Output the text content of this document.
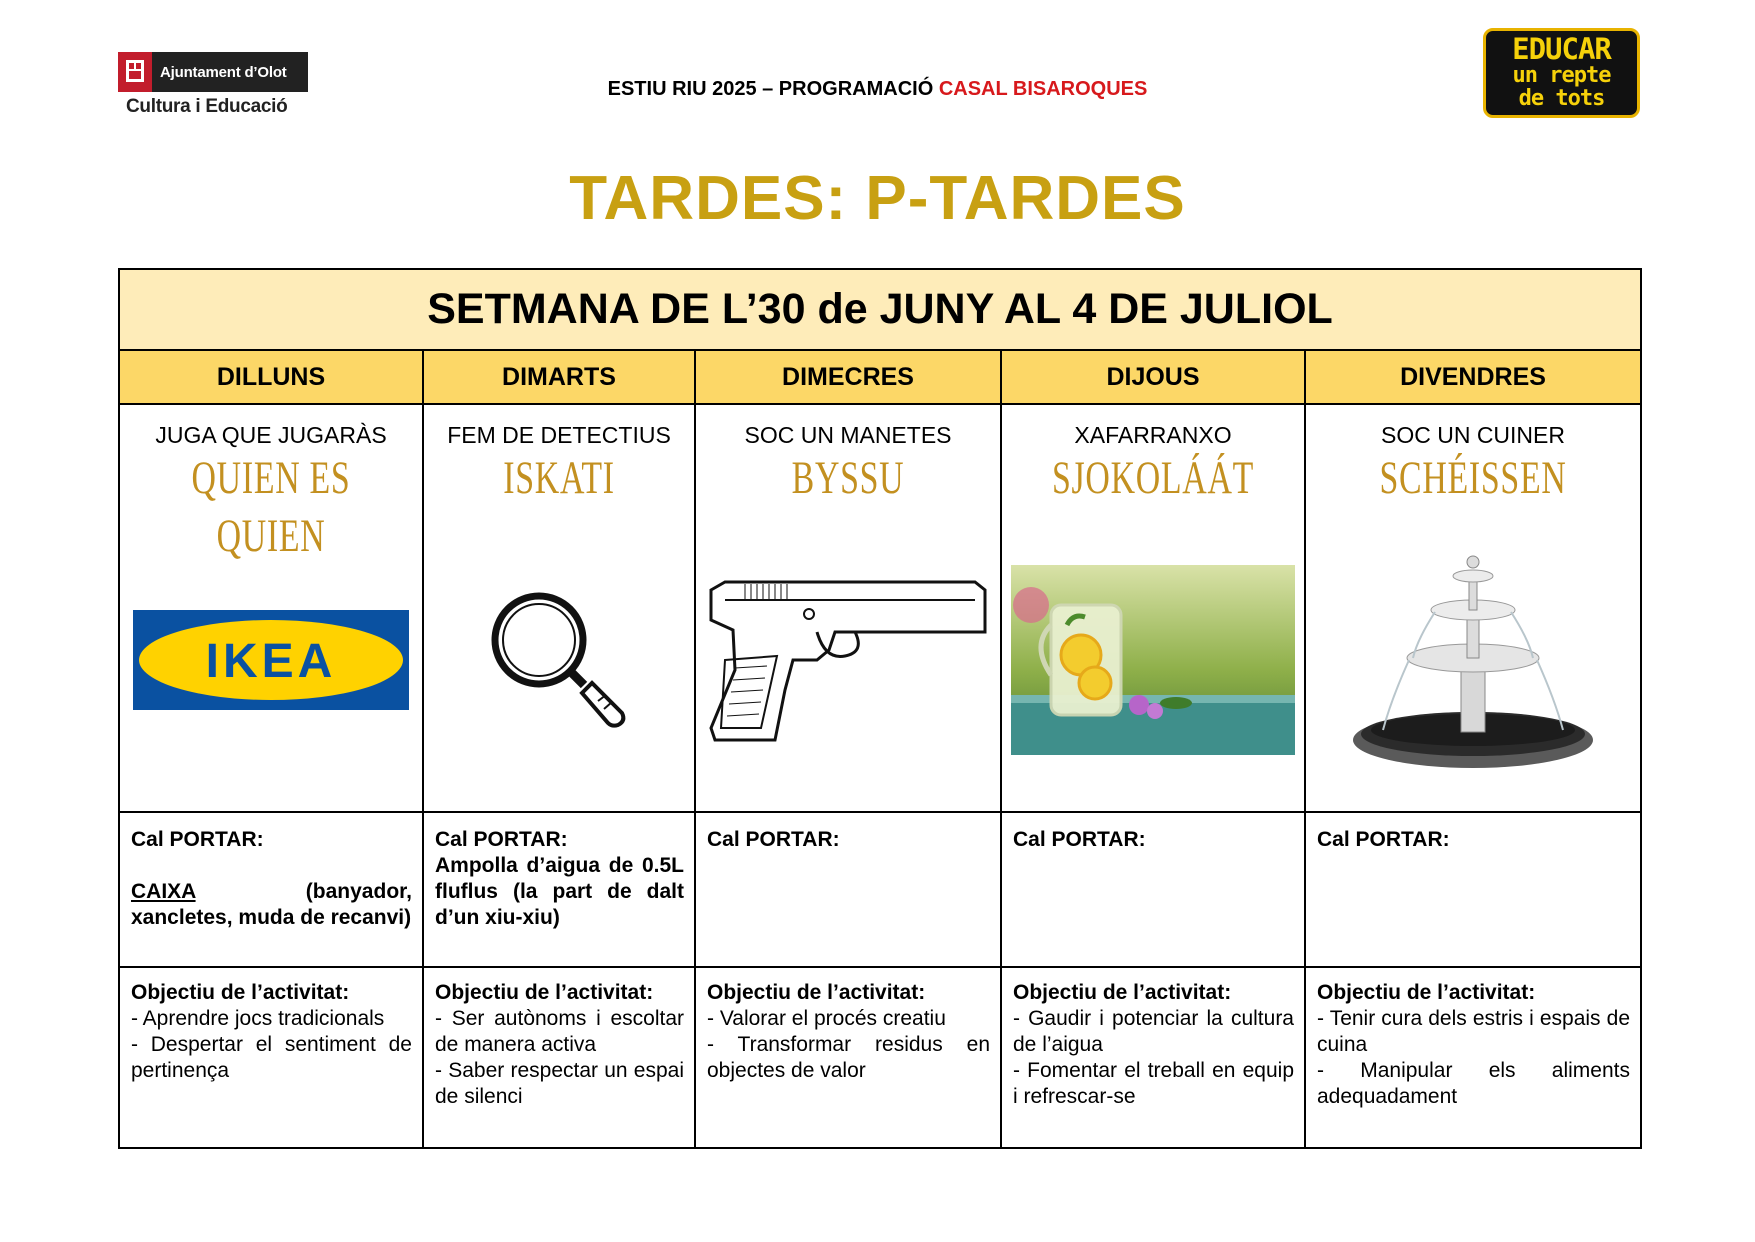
Ajuntament d’Olot
Cultura i Educació
ESTIU RIU 2025 – PROGRAMACIÓ CASAL BISAROQUES
EDUCAR
un repte
de tots
TARDES: P-TARDES
SETMANA DE L’30 de JUNY AL 4 DE JULIOL
DILLUNS
JUGA QUE JUGARÀS
QUIEN ES QUIEN
IKEA
Cal PORTAR:
CAIXA (banyador, xancletes, muda de recanvi)
Objectiu de l’activitat:
- Aprendre jocs tradicionals
- Despertar el sentiment de pertinença
DIMARTS
FEM DE DETECTIUS
ISKATI
Cal PORTAR:
Ampolla d’aigua de 0.5L fluflus (la part de dalt d’un xiu-xiu)
Objectiu de l’activitat:
- Ser autònoms i escoltar de manera activa
- Saber respectar un espai de silenci
DIMECRES
SOC UN MANETES
BYSSU
Cal PORTAR:
Objectiu de l’activitat:
- Valorar el procés creatiu
- Transformar residus en objectes de valor
DIJOUS
XAFARRANXO
SJOKOLÁÁT
Cal PORTAR:
Objectiu de l’activitat:
- Gaudir i potenciar la cultura de l’aigua
- Fomentar el treball en equip i refrescar-se
DIVENDRES
SOC UN CUINER
SCHÉISSEN
Cal PORTAR:
Objectiu de l’activitat:
- Tenir cura dels estris i espais de cuina
- Manipular els aliments adequadament
